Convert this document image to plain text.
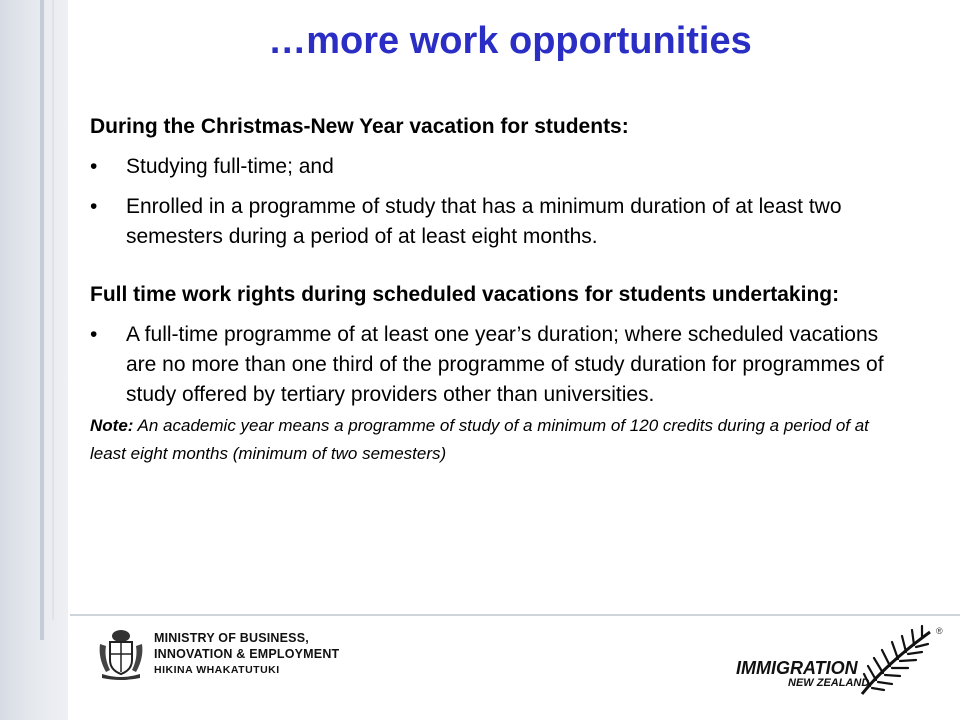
…more work opportunities
During the Christmas-New Year vacation for students:
• Studying full-time; and
• Enrolled in a programme of study that has a minimum duration of at least two semesters during a period of at least eight months.
Full time work rights during scheduled vacations for students undertaking:
• A full-time programme of at least one year’s duration; where scheduled vacations are no more than one third of the programme of study duration for programmes of study offered by tertiary providers other than universities.
Note: An academic year means a programme of study of a minimum of 120 credits during a period of at least eight months (minimum of two semesters)
MINISTRY OF BUSINESS,
INNOVATION & EMPLOYMENT
HIKINA WHAKATUTUKI	IMMIGRATION
NEW ZEALAND
®
